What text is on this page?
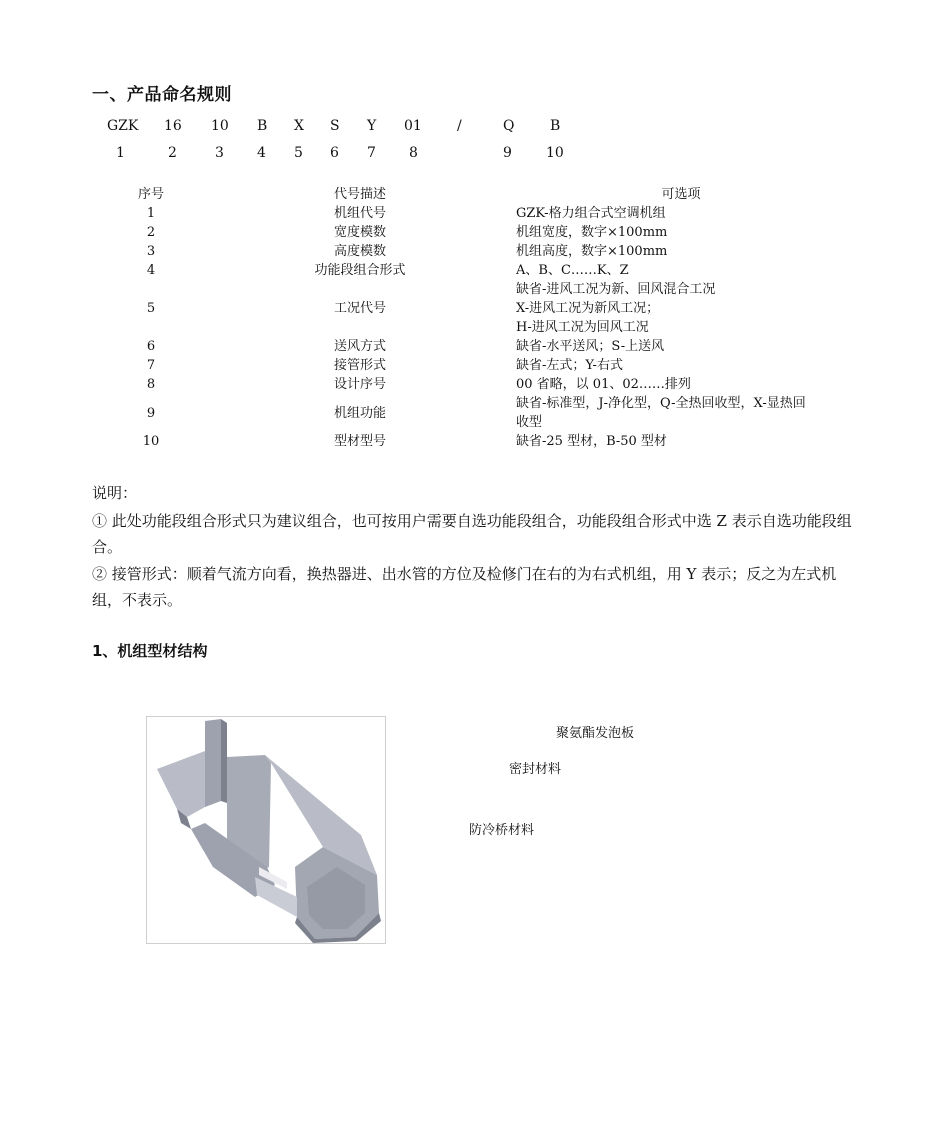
一、产品命名规则
GZK 16 10 B X S Y 01	/	Q	B
1	2	3 4 5 6 7 8	9 10
序号	代号描述	可选项
1	机组代号	GZK-格力组合式空调机组

2	宽度模数	机组宽度，数字×100mm

3	高度模数	机组高度，数字×100mm

4	功能段组合形式	A、B、C……K、Z

5	工况代号	缺省-进风工况为新、回风混合工况
X-进风工况为新风工况；
H-进风工况为回风工况

6	送风方式	缺省-水平送风；S-上送风

7	接管形式	缺省-左式；Y-右式

8	设计序号	00 省略，以 01、02……排列

9	机组功能	缺省-标准型，J-净化型，Q-全热回收型，X-显热回
收型

10	型材型号	缺省-25 型材，B-50 型材
说明：
① 此处功能段组合形式只为建议组合，也可按用户需要自选功能段组合，功能段组合形式中选 Z 表示自选功能段组合。
② 接管形式：顺着气流方向看，换热器进、出水管的方位及检修门在右的为右式机组，用 Y 表示；反之为左式机组，不表示。
1、机组型材结构
聚氨酯发泡板
密封材料
防冷桥材料
